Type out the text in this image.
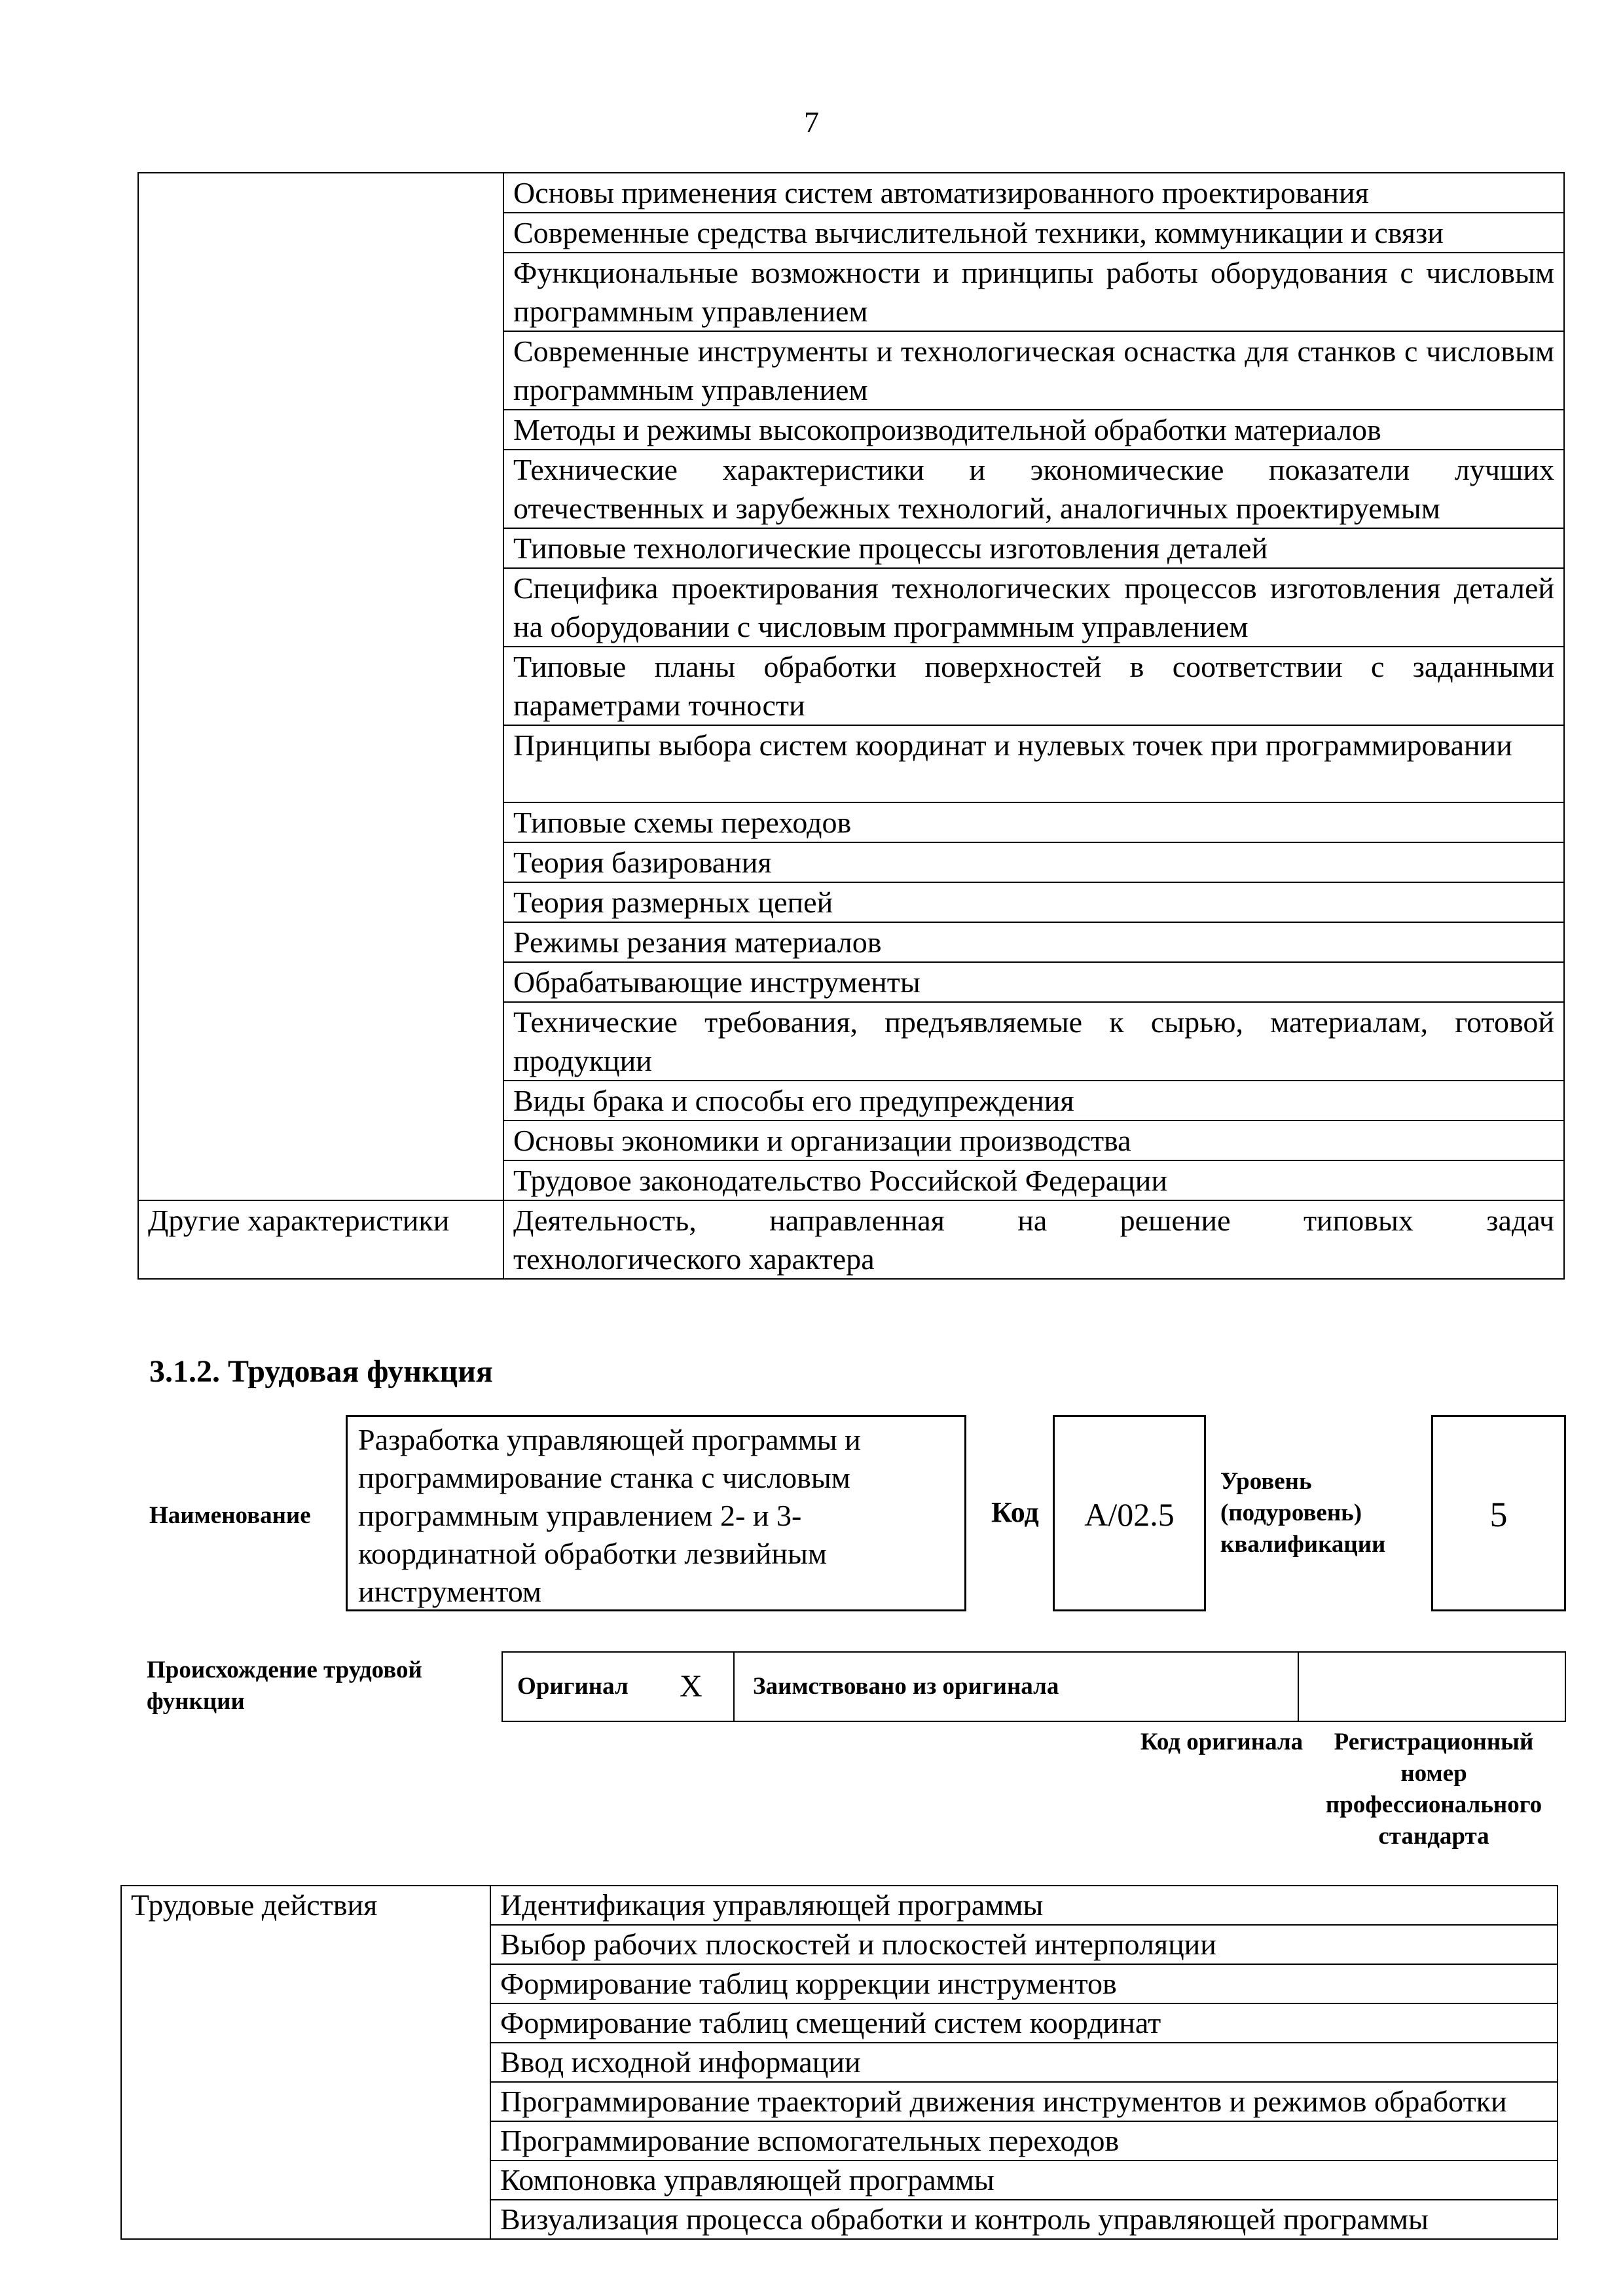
7
	Основы применения систем автоматизированного проектирования
	Современные средства вычислительной техники, коммуникации и связи
	Функциональные возможности и принципы работы оборудования с числовым программным управлением
	Современные инструменты и технологическая оснастка для станков с числовым программным управлением
	Методы и режимы высокопроизводительной обработки материалов
	Технические характеристики и экономические показатели лучших отечественных и зарубежных технологий, аналогичных проектируемым
	Типовые технологические процессы изготовления деталей
	Специфика проектирования технологических процессов изготовления деталей на оборудовании с числовым программным управлением
	Типовые планы обработки поверхностей в соответствии с заданными параметрами точности
	Принципы выбора систем координат и нулевых точек при программировании
	Типовые схемы переходов
	Теория базирования
	Теория размерных цепей
	Режимы резания материалов
	Обрабатывающие инструменты
	Технические требования, предъявляемые к сырью, материалам, готовой продукции
	Виды брака и способы его предупреждения
	Основы экономики и организации производства
	Трудовое законодательство Российской Федерации
Другие характеристики	Деятельность, направленная на решение типовых задач
технологического характера
3.1.2. Трудовая функция
Наименование
Разработка управляющей программы и программирование станка с числовым программным управлением 2- и 3-координатной обработки лезвийным инструментом
Код	A/02.5
Уровень (подуровень) квалификации
5
Происхождение трудовой функции
Оригинал X Заимствовано из оригинала
Код оригинала	Регистрационный номер профессионального стандарта
Трудовые действия	Идентификация управляющей программы
Выбор рабочих плоскостей и плоскостей интерполяции
Формирование таблиц коррекции инструментов
Формирование таблиц смещений систем координат
Ввод исходной информации
Программирование траекторий движения инструментов и режимов обработки
Программирование вспомогательных переходов
Компоновка управляющей программы
Визуализация процесса обработки и контроль управляющей программы
